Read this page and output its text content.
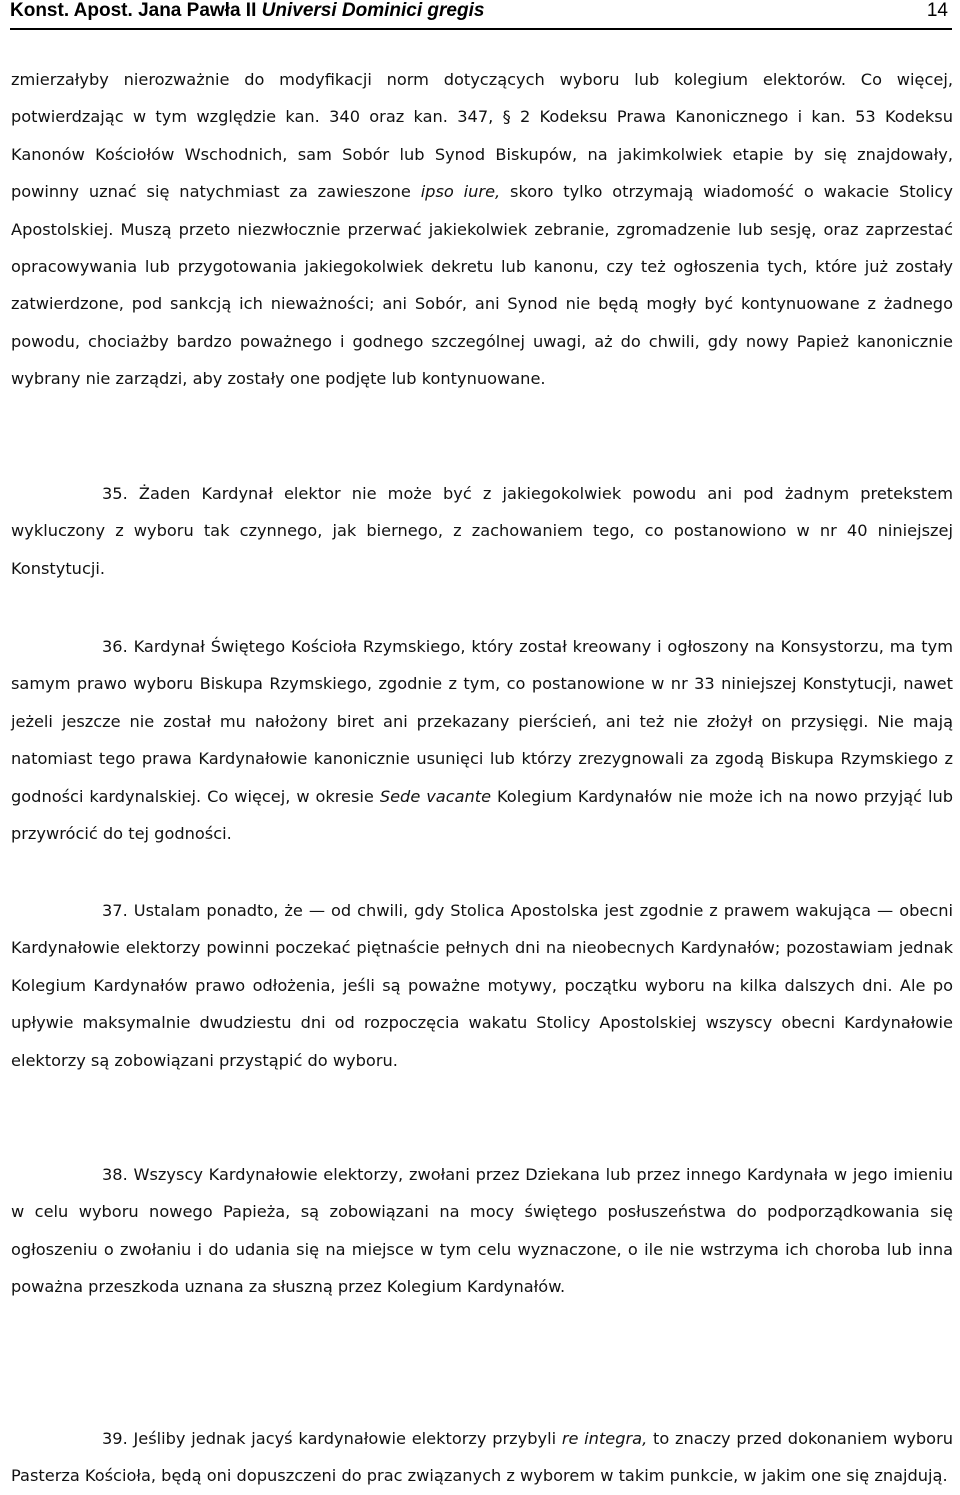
Konst. Apost. Jana Pawła II Universi Dominici gregis	14

zmierzałyby nierozważnie do modyfikacji norm dotyczących wyboru lub kolegium elektorów. Co więcej, potwierdzając w tym względzie kan. 340 oraz kan. 347, § 2 Kodeksu Prawa Kanonicznego i kan. 53 Kodeksu Kanonów Kościołów Wschodnich, sam Sobór lub Synod Biskupów, na jakimkolwiek etapie by się znajdowały, powinny uznać się natychmiast za zawieszone ipso iure, skoro tylko otrzymają wiadomość o wakacie Stolicy Apostolskiej. Muszą przeto niezwłocznie przerwać jakiekolwiek zebranie, zgromadzenie lub sesję, oraz zaprzestać opracowywania lub przygotowania jakiegokolwiek dekretu lub kanonu, czy też ogłoszenia tych, które już zostały zatwierdzone, pod sankcją ich nieważności; ani Sobór, ani Synod nie będą mogły być kontynuowane z żadnego powodu, chociażby bardzo poważnego i godnego szczególnej uwagi, aż do chwili, gdy nowy Papież kanonicznie wybrany nie zarządzi, aby zostały one podjęte lub kontynuowane.

35. Żaden Kardynał elektor nie może być z jakiegokolwiek powodu ani pod żadnym pretekstem wykluczony z wyboru tak czynnego, jak biernego, z zachowaniem tego, co postanowiono w nr 40 niniejszej Konstytucji.

36. Kardynał Świętego Kościoła Rzymskiego, który został kreowany i ogłoszony na Konsystorzu, ma tym samym prawo wyboru Biskupa Rzymskiego, zgodnie z tym, co postanowione w nr 33 niniejszej Konstytucji, nawet jeżeli jeszcze nie został mu nałożony biret ani przekazany pierścień, ani też nie złożył on przysięgi. Nie mają natomiast tego prawa Kardynałowie kanonicznie usunięci lub którzy zrezygnowali za zgodą Biskupa Rzymskiego z godności kardynalskiej. Co więcej, w okresie Sede vacante Kolegium Kardynałów nie może ich na nowo przyjąć lub przywrócić do tej godności.

37. Ustalam ponadto, że — od chwili, gdy Stolica Apostolska jest zgodnie z prawem wakująca — obecni Kardynałowie elektorzy powinni poczekać piętnaście pełnych dni na nieobecnych Kardynałów; pozostawiam jednak Kolegium Kardynałów prawo odłożenia, jeśli są poważne motywy, początku wyboru na kilka dalszych dni. Ale po upływie maksymalnie dwudziestu dni od rozpoczęcia wakatu Stolicy Apostolskiej wszyscy obecni Kardynałowie elektorzy są zobowiązani przystąpić do wyboru.

38. Wszyscy Kardynałowie elektorzy, zwołani przez Dziekana lub przez innego Kardynała w jego imieniu w celu wyboru nowego Papieża, są zobowiązani na mocy świętego posłuszeństwa do podporządkowania się ogłoszeniu o zwołaniu i do udania się na miejsce w tym celu wyznaczone, o ile nie wstrzyma ich choroba lub inna poważna przeszkoda uznana za słuszną przez Kolegium Kardynałów.

39. Jeśliby jednak jacyś kardynałowie elektorzy przybyli re integra, to znaczy przed dokonaniem wyboru Pasterza Kościoła, będą oni dopuszczeni do prac związanych z wyborem w takim punkcie, w jakim one się znajdują.
